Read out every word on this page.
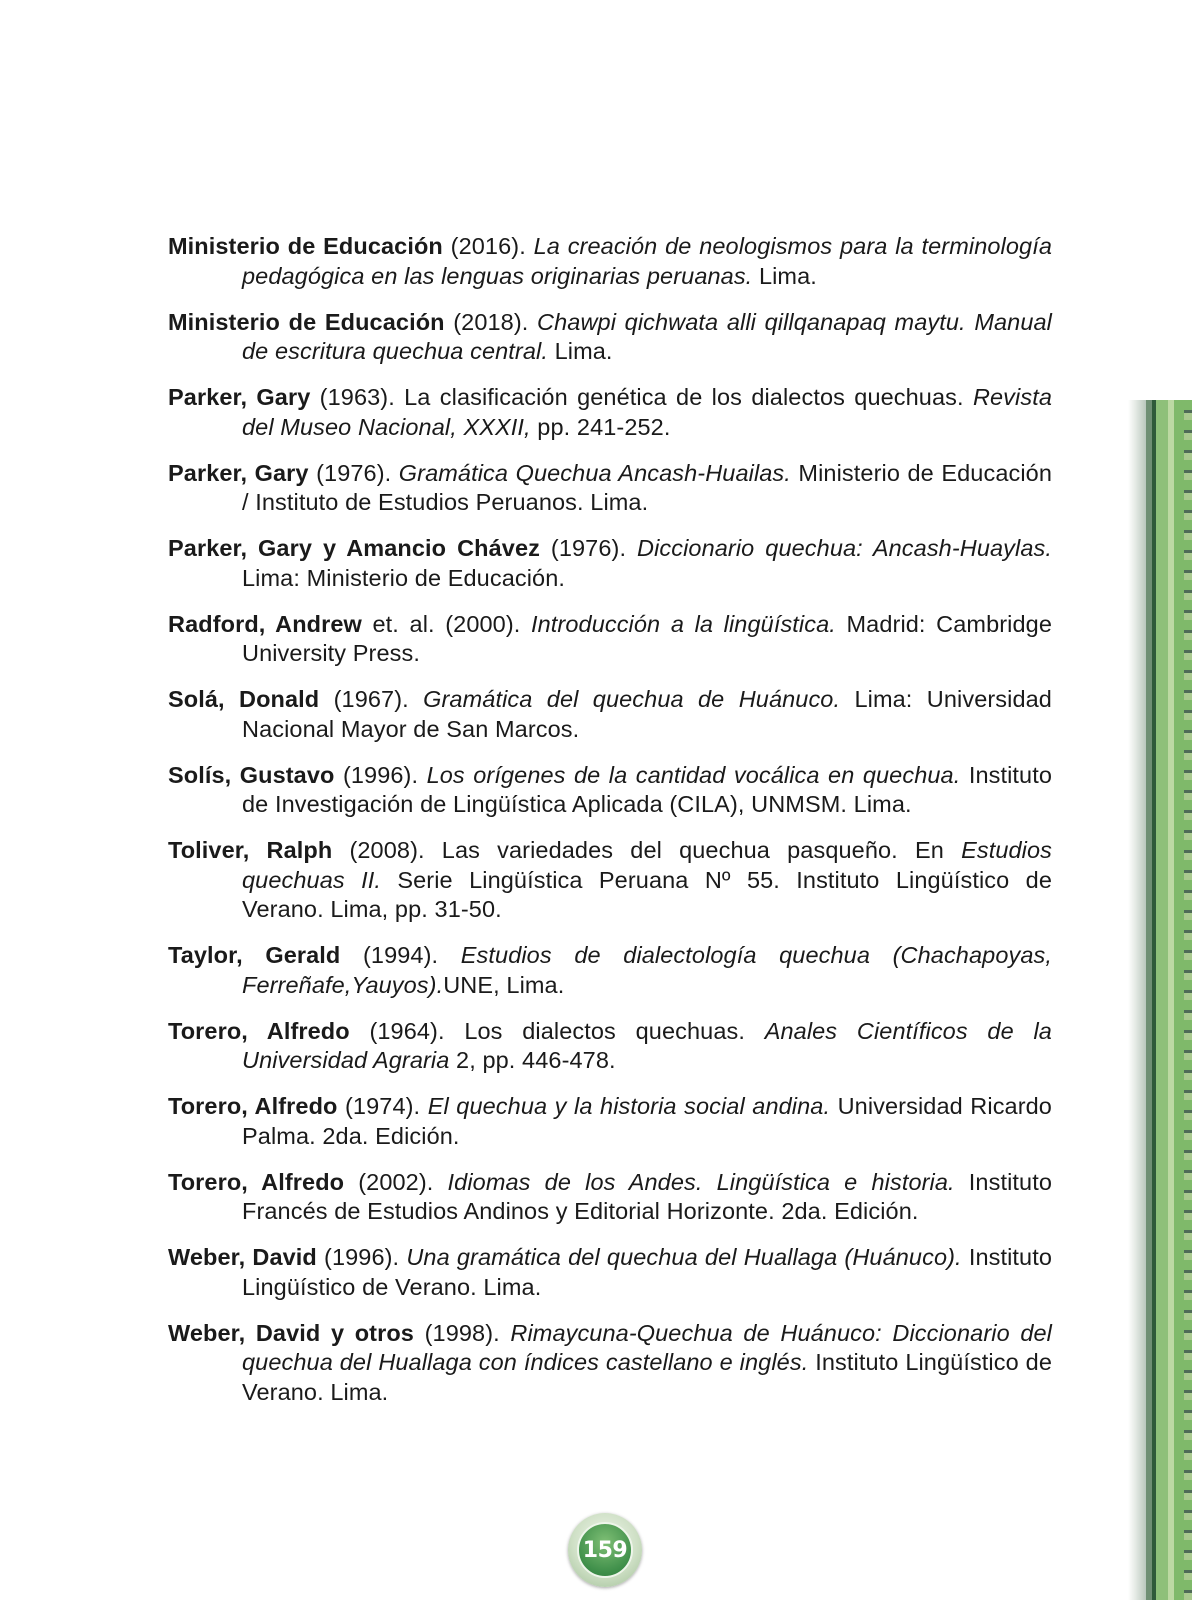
Ministerio de Educación (2016). La creación de neologismos para la terminología pedagógica en las lenguas originarias peruanas. Lima.
Ministerio de Educación (2018). Chawpi qichwata alli qillqanapaq maytu. Manual de escritura quechua central. Lima.
Parker, Gary (1963). La clasificación genética de los dialectos quechuas. Revista del Museo Nacional, XXXII, pp. 241-252.
Parker, Gary (1976). Gramática Quechua Ancash-Huailas. Ministerio de Educación / Instituto de Estudios Peruanos. Lima.
Parker, Gary y Amancio Chávez (1976). Diccionario quechua: Ancash-Huaylas. Lima: Ministerio de Educación.
Radford, Andrew et. al. (2000). Introducción a la lingüística. Madrid: Cambridge University Press.
Solá, Donald (1967). Gramática del quechua de Huánuco. Lima: Universidad Nacional Mayor de San Marcos.
Solís, Gustavo (1996). Los orígenes de la cantidad vocálica en quechua. Instituto de Investigación de Lingüística Aplicada (CILA), UNMSM. Lima.
Toliver, Ralph (2008). Las variedades del quechua pasqueño. En Estudios quechuas II. Serie Lingüística Peruana Nº 55. Instituto Lingüístico de Verano. Lima, pp. 31-50.
Taylor, Gerald (1994). Estudios de dialectología quechua (Chachapoyas, Ferreñafe,Yauyos).UNE, Lima.
Torero, Alfredo (1964). Los dialectos quechuas. Anales Científicos de la Universidad Agraria 2, pp. 446-478.
Torero, Alfredo (1974). El quechua y la historia social andina. Universidad Ricardo Palma. 2da. Edición.
Torero, Alfredo (2002). Idiomas de los Andes. Lingüística e historia. Instituto Francés de Estudios Andinos y Editorial Horizonte. 2da. Edición.
Weber, David (1996). Una gramática del quechua del Huallaga (Huánuco). Instituto Lingüístico de Verano. Lima.
Weber, David y otros (1998). Rimaycuna-Quechua de Huánuco: Diccionario del quechua del Huallaga con índices castellano e inglés. Instituto Lingüístico de Verano. Lima.
159
